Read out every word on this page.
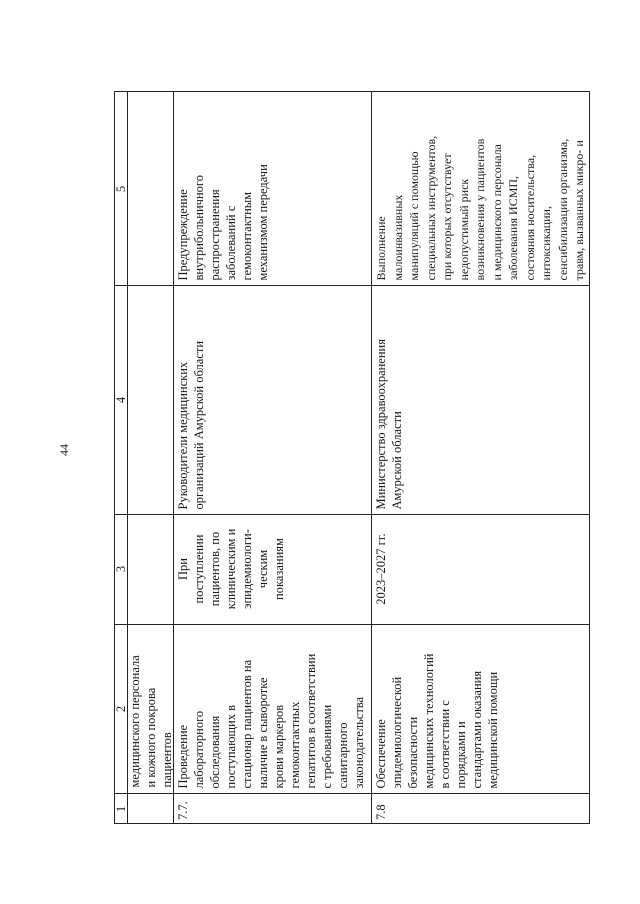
44
1
2
3
4
5

медицинского персонала и кожного покрова пациентов

7.7.

Проведение лабораторного обследования поступающих в стационар пациентов на наличие в сыворотке крови маркеров гемоконтактных гепатитов в соответствии с требованиями санитарного законодательства

При поступлении пациентов, по клиническим и эпидемиологи- ческим показаниям

Руководители медицинских организаций Амурской области

Предупреждение внутрибольничного распространения заболеваний с гемоконтактным механизмом передачи

7.8

Обеспечение эпидемиологической безопасности медицинских технологий в соответствии с порядками и стандартами оказания медицинской помощи

2023–2027 гг.

Министерство здравоохранения Амурской области

Выполнение малоинвазивных манипуляций с помощью специальных инструментов, при которых отсутствует недопустимый риск возникновения у пациентов и медицинского персонала заболевания ИСМП, состояния носительства, интоксикации, сенсибилизации организма, травм, вызванных микро- и
